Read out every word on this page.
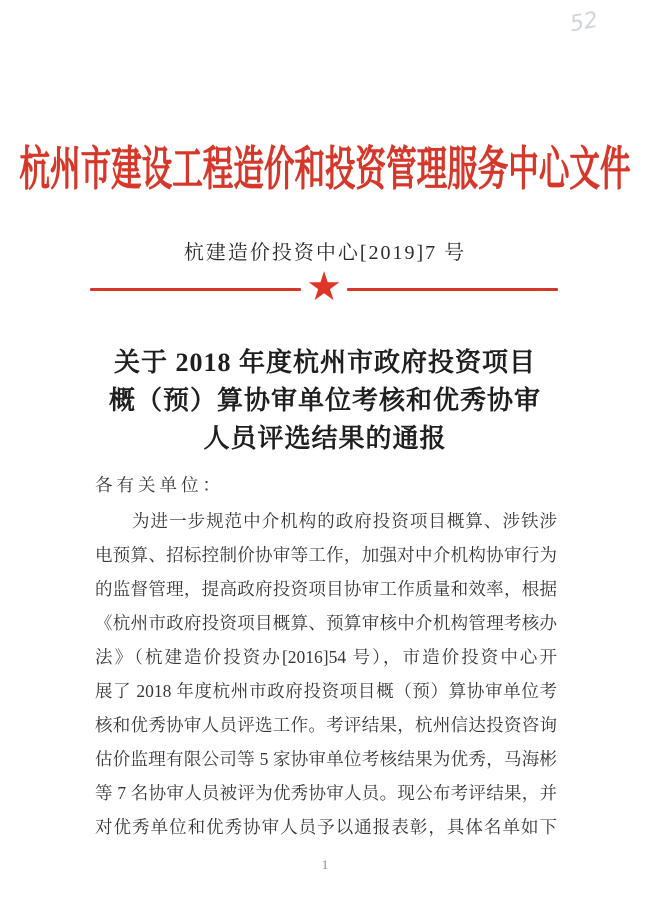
52
杭州市建设工程造价和投资管理服务中心文件
杭建造价投资中心[2019]7 号
★
关于 2018 年度杭州市政府投资项目
概（预）算协审单位考核和优秀协审
人员评选结果的通报
各有关单位：
　　为进一步规范中介机构的政府投资项目概算、涉铁涉
电预算、招标控制价协审等工作，加强对中介机构协审行为
的监督管理，提高政府投资项目协审工作质量和效率，根据
《杭州市政府投资项目概算、预算审核中介机构管理考核办
法》（杭建造价投资办[2016]54 号），市造价投资中心开
展了 2018 年度杭州市政府投资项目概（预）算协审单位考
核和优秀协审人员评选工作。考评结果，杭州信达投资咨询
估价监理有限公司等 5 家协审单位考核结果为优秀，马海彬
等 7 名协审人员被评为优秀协审人员。现公布考评结果，并
对优秀单位和优秀协审人员予以通报表彰，具体名单如下
1
